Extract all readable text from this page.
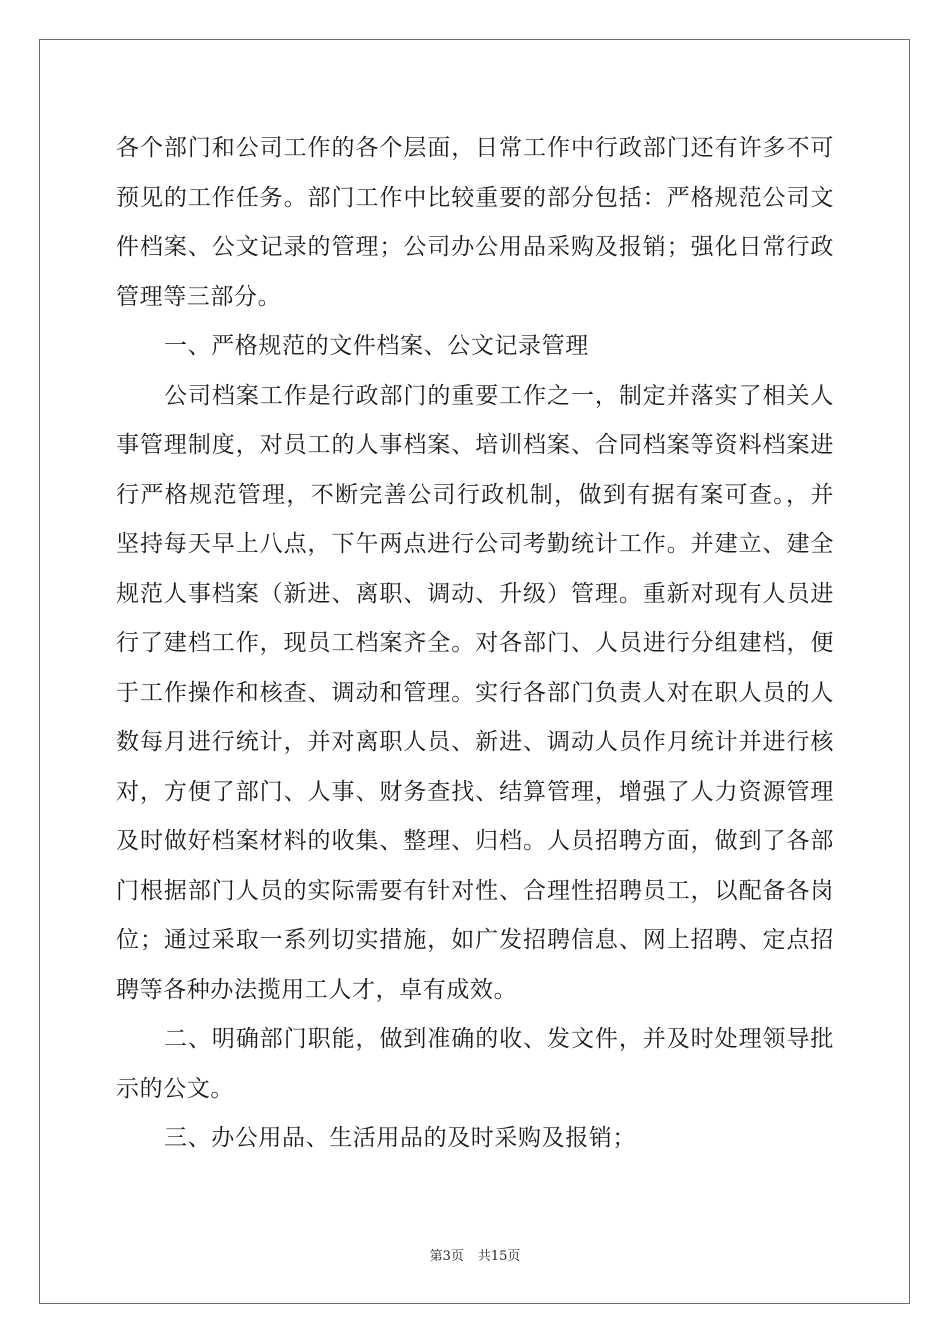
各个部门和公司工作的各个层面，日常工作中行政部门还有许多不可预见的工作任务。部门工作中比较重要的部分包括：严格规范公司文件档案、公文记录的管理；公司办公用品采购及报销；强化日常行政管理等三部分。

一、严格规范的文件档案、公文记录管理

公司档案工作是行政部门的重要工作之一，制定并落实了相关人事管理制度，对员工的人事档案、培训档案、合同档案等资料档案进行严格规范管理，不断完善公司行政机制，做到有据有案可查。，并坚持每天早上八点，下午两点进行公司考勤统计工作。并建立、建全规范人事档案（新进、离职、调动、升级）管理。重新对现有人员进行了建档工作，现员工档案齐全。对各部门、人员进行分组建档，便于工作操作和核查、调动和管理。实行各部门负责人对在职人员的人数每月进行统计，并对离职人员、新进、调动人员作月统计并进行核对，方便了部门、人事、财务查找、结算管理，增强了人力资源管理及时做好档案材料的收集、整理、归档。人员招聘方面，做到了各部门根据部门人员的实际需要有针对性、合理性招聘员工，以配备各岗位；通过采取一系列切实措施，如广发招聘信息、网上招聘、定点招聘等各种办法揽用工人才，卓有成效。

二、明确部门职能，做到准确的收、发文件，并及时处理领导批示的公文。

三、办公用品、生活用品的及时采购及报销；

第3页 共15页
